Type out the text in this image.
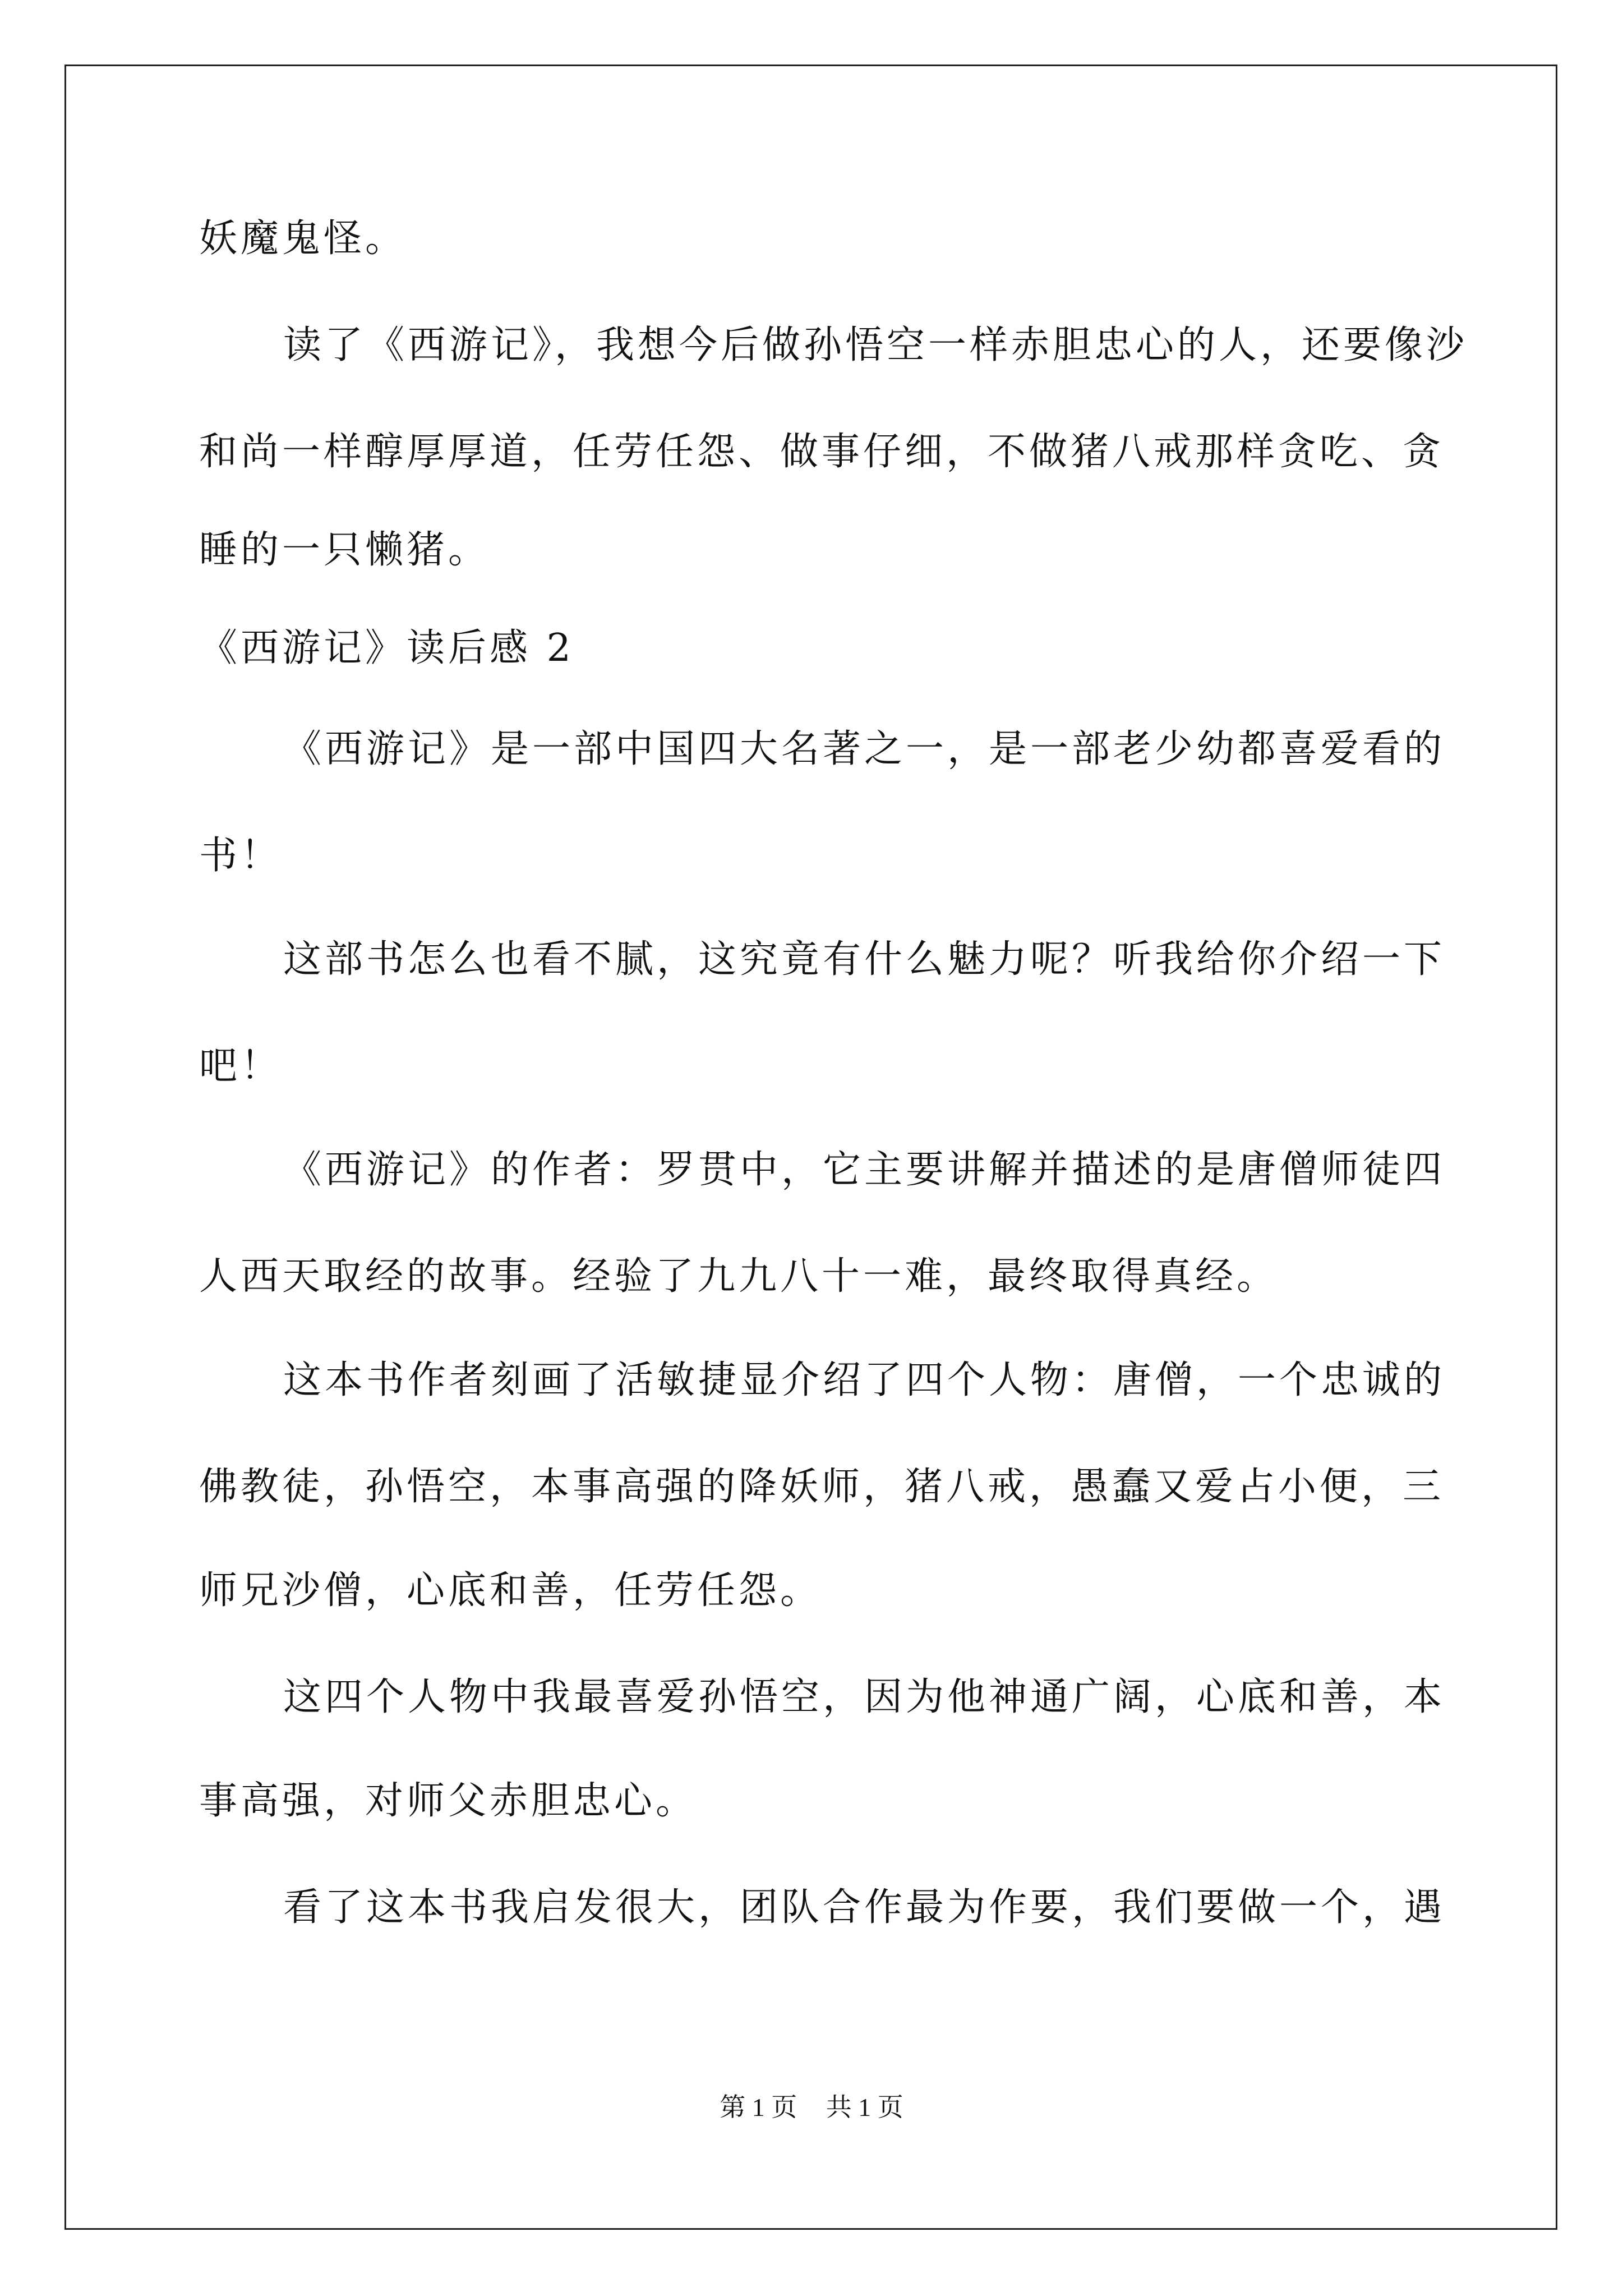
妖魔鬼怪。
读了《西游记》，我想今后做孙悟空一样赤胆忠心的人，还要像沙
和尚一样醇厚厚道，任劳任怨、做事仔细，不做猪八戒那样贪吃、贪
睡的一只懒猪。
《西游记》读后感 2
《西游记》是一部中国四大名著之一，是一部老少幼都喜爱看的
书！
这部书怎么也看不腻，这究竟有什么魅力呢？听我给你介绍一下
吧！
《西游记》的作者：罗贯中，它主要讲解并描述的是唐僧师徒四
人西天取经的故事。经验了九九八十一难，最终取得真经。
这本书作者刻画了活敏捷显介绍了四个人物：唐僧，一个忠诚的
佛教徒，孙悟空，本事高强的降妖师，猪八戒，愚蠢又爱占小便，三
师兄沙僧，心底和善，任劳任怨。
这四个人物中我最喜爱孙悟空，因为他神通广阔，心底和善，本
事高强，对师父赤胆忠心。
看了这本书我启发很大，团队合作最为作要，我们要做一个，遇
第 1 页 共 1 页
